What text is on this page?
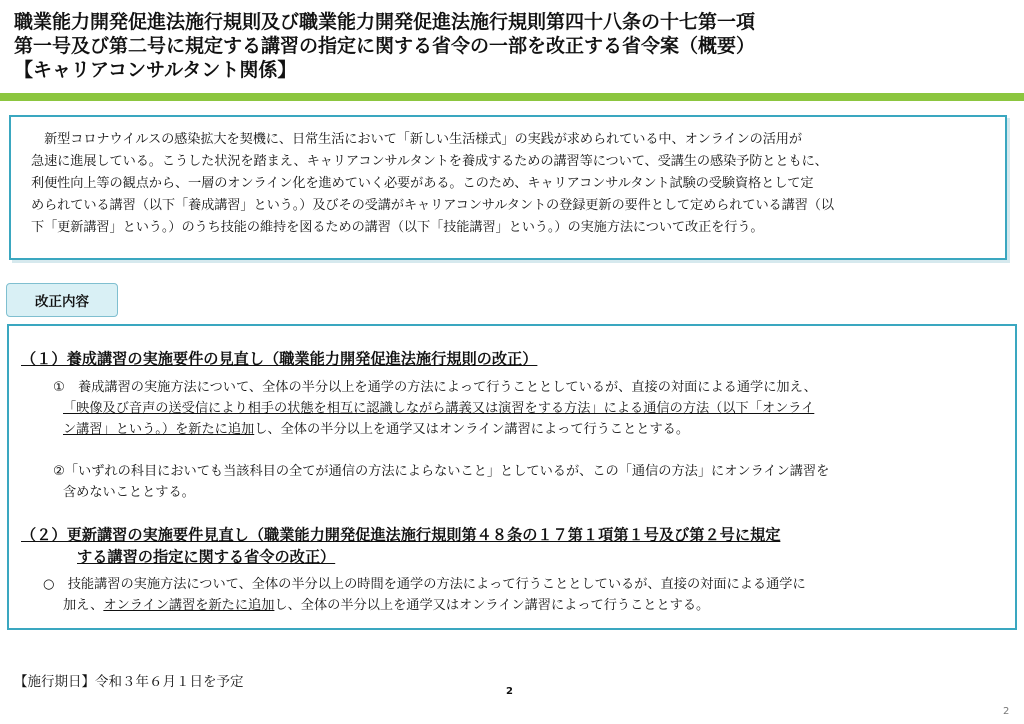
職業能力開発促進法施行規則及び職業能力開発促進法施行規則第四十八条の十七第一項
第一号及び第二号に規定する講習の指定に関する省令の一部を改正する省令案（概要）
【キャリアコンサルタント関係】
　新型コロナウイルスの感染拡大を契機に、日常生活において「新しい生活様式」の実践が求められている中、オンラインの活用が
急速に進展している。こうした状況を踏まえ、キャリアコンサルタントを養成するための講習等について、受講生の感染予防とともに、
利便性向上等の観点から、一層のオンライン化を進めていく必要がある。このため、キャリアコンサルタント試験の受験資格として定
められている講習（以下「養成講習」という。）及びその受講がキャリアコンサルタントの登録更新の要件として定められている講習（以
下「更新講習」という。）のうち技能の維持を図るための講習（以下「技能講習」という。）の実施方法について改正を行う。
改正内容
（１）養成講習の実施要件の見直し（職業能力開発促進法施行規則の改正）
①　養成講習の実施方法について、全体の半分以上を通学の方法によって行うこととしているが、直接の対面による通学に加え、
「映像及び音声の送受信により相手の状態を相互に認識しながら講義又は演習をする方法」による通信の方法（以下「オンライ
ン講習」という。）を新たに追加し、全体の半分以上を通学又はオンライン講習によって行うこととする。
②「いずれの科目においても当該科目の全てが通信の方法によらないこと」としているが、この「通信の方法」にオンライン講習を
含めないこととする。
（２）更新講習の実施要件見直し（職業能力開発促進法施行規則第４８条の１７第１項第１号及び第２号に規定
する講習の指定に関する省令の改正）
○　技能講習の実施方法について、全体の半分以上の時間を通学の方法によって行うこととしているが、直接の対面による通学に
加え、オンライン講習を新たに追加し、全体の半分以上を通学又はオンライン講習によって行うこととする。
【施行期日】令和３年６月１日を予定
2
2
